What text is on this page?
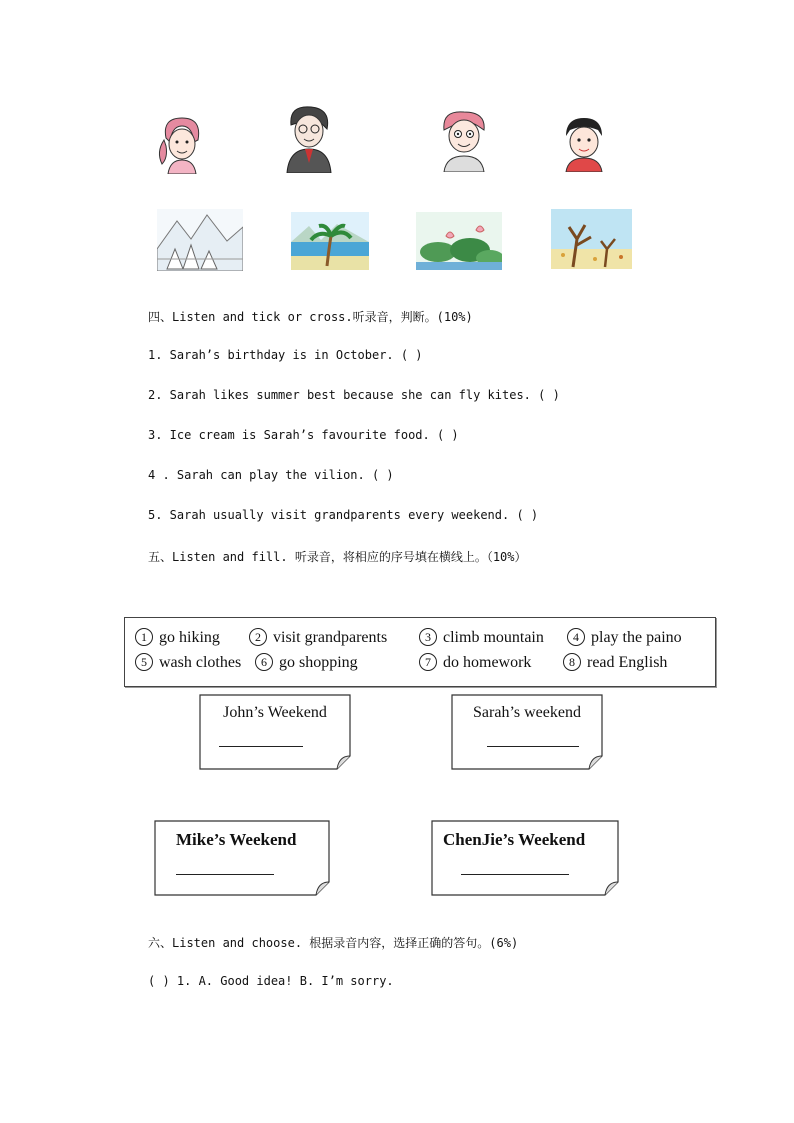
四、Listen and tick or cross.听录音，判断。(10%)
1. Sarah’s birthday is in October. ( )
2. Sarah likes summer best because she can fly kites. ( )
3. Ice cream is Sarah’s favourite food. ( )
4 . Sarah can play the vilion. ( )
5. Sarah usually visit grandparents every weekend. ( )
五、Listen and fill. 听录音，将相应的序号填在横线上。（10%）
1 go hiking	2 visit grandparents	3 climb mountain	4 play the paino
5 wash clothes	6 go shopping	7 do homework	8 read English
John’s Weekend	Sarah’s weekend
Mike’s Weekend	ChenJie’s Weekend
六、Listen and choose. 根据录音内容，选择正确的答句。(6%)
( ) 1. A. Good idea! B. I’m sorry.
